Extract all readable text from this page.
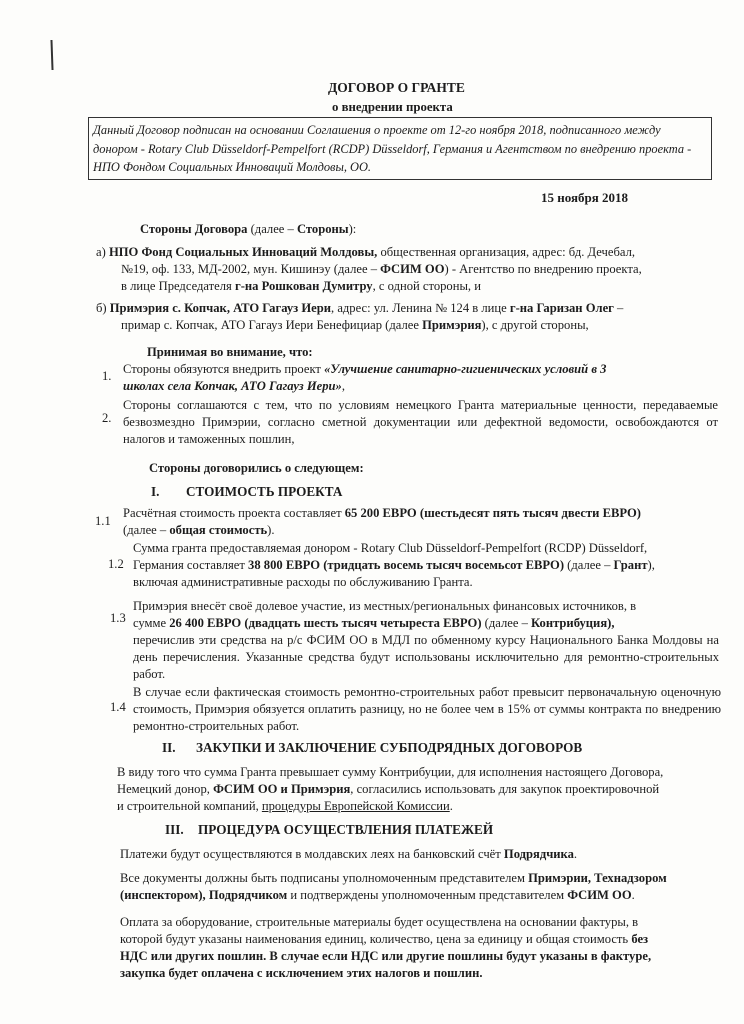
ДОГОВОР О ГРАНТЕ
о внедрении проекта
Данный Договор подписан на основании Соглашения о проекте от 12-го ноября 2018, подписанного между донором - Rotary Club Düsseldorf-Pempelfort (RCDP) Düsseldorf, Германия и Агентством по внедрению проекта - НПО Фондом Социальных Инноваций Молдовы, ОО.
15 ноября 2018
Стороны Договора (далее – Стороны):
а) НПО Фонд Социальных Инноваций Молдовы, общественная организация, адрес: бд. Дечебал,
№19, оф. 133, МД-2002, мун. Кишинэу (далее – ФСИМ ОО) - Агентство по внедрению проекта,
в лице Председателя г-на Рошкован Думитру, с одной стороны, и
б) Примэрия с. Копчак, АТО Гагауз Иери, адрес: ул. Ленина № 124 в лице г-на Гаризан Олег –
примар с. Копчак, АТО Гагауз Иери Бенефициар (далее Примэрия), с другой стороны,
Принимая во внимание, что:
1. Стороны обязуются внедрить проект «Улучшение санитарно-гигиенических условий в 3
школах села Копчак, АТО Гагауз Иери»,
2.
Стороны соглашаются с тем, что по условиям немецкого Гранта материальные ценности, передаваемые безвозмездно Примэрии, согласно сметной документации или дефектной ведомости, освобождаются от налогов и таможенных пошлин,
Стороны договорились о следующем:
I. СТОИМОСТЬ ПРОЕКТА
1.1
Расчётная стоимость проекта составляет 65 200 ЕВРО (шестьдесят пять тысяч двести ЕВРО)
(далее – общая стоимость).
1.2
Сумма гранта предоставляемая донором - Rotary Club Düsseldorf-Pempelfort (RCDP) Düsseldorf,
Германия составляет 38 800 ЕВРО (тридцать восемь тысяч восемьсот ЕВРО) (далее – Грант),
включая административные расходы по обслуживанию Гранта.
1.3
Примэрия внесёт своё долевое участие, из местных/региональных финансовых источников, в
сумме 26 400 ЕВРО (двадцать шесть тысяч четыреста ЕВРО) (далее – Контрибуция),
перечислив эти средства на р/с ФСИМ ОО в МДЛ по обменному курсу Национального Банка Молдовы на день перечисления. Указанные средства будут использованы исключительно для ремонтно-строительных работ.
1.4
В случае если фактическая стоимость ремонтно-строительных работ превысит первоначальную оценочную стоимость, Примэрия обязуется оплатить разницу, но не более чем в 15% от суммы контракта по внедрению ремонтно-строительных работ.
II. ЗАКУПКИ И ЗАКЛЮЧЕНИЕ СУБПОДРЯДНЫХ ДОГОВОРОВ
В виду того что сумма Гранта превышает сумму Контрибуции, для исполнения настоящего Договора,
Немецкий донор, ФСИМ ОО и Примэрия, согласились использовать для закупок проектировочной
и строительной компаний, процедуры Европейской Комиссии.
III. ПРОЦЕДУРА ОСУЩЕСТВЛЕНИЯ ПЛАТЕЖЕЙ
Платежи будут осуществляются в молдавских леях на банковский счёт Подрядчика.
Все документы должны быть подписаны уполномоченным представителем Примэрии, Технадзором
(инспектором), Подрядчиком и подтверждены уполномоченным представителем ФСИМ ОО.
Оплата за оборудование, строительные материалы будет осуществлена на основании фактуры, в
которой будут указаны наименования единиц, количество, цена за единицу и общая стоимость без
НДС или других пошлин. В случае если НДС или другие пошлины будут указаны в фактуре,
закупка будет оплачена с исключением этих налогов и пошлин.
